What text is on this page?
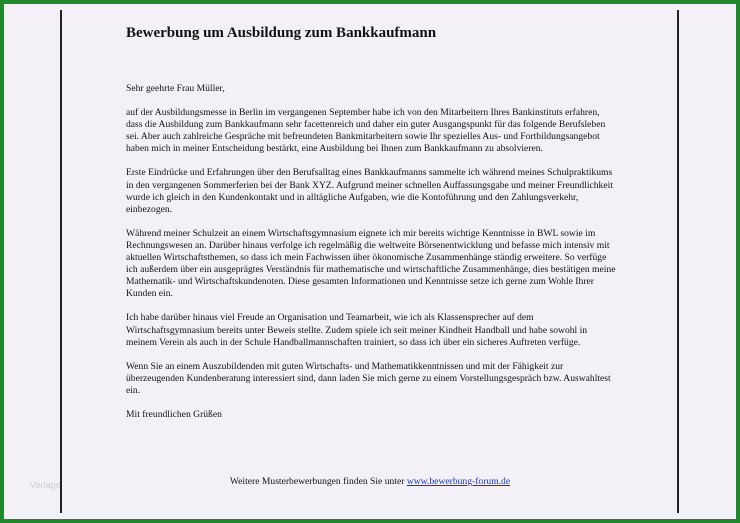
Bewerbung um Ausbildung zum Bankkaufmann

Sehr geehrte Frau Müller,

auf der Ausbildungsmesse in Berlin im vergangenen September habe ich von den Mitarbeitern Ihres Bankinstituts erfahren, dass die Ausbildung zum Bankkaufmann sehr facettenreich und daher ein guter Ausgangspunkt für das folgende Berufsleben sei. Aber auch zahlreiche Gespräche mit befreundeten Bankmitarbeitern sowie Ihr spezielles Aus- und Fortbildungsangebot haben mich in meiner Entscheidung bestärkt, eine Ausbildung bei Ihnen zum Bankkaufmann zu absolvieren.

Erste Eindrücke und Erfahrungen über den Berufsalltag eines Bankkaufmanns sammelte ich während meines Schulpraktikums in den vergangenen Sommerferien bei der Bank XYZ. Aufgrund meiner schnellen Auffassungsgabe und meiner Freundlichkeit wurde ich gleich in den Kundenkontakt und in alltägliche Aufgaben, wie die Kontoführung und den Zahlungsverkehr, einbezogen.

Während meiner Schulzeit an einem Wirtschaftsgymnasium eignete ich mir bereits wichtige Kenntnisse in BWL sowie im Rechnungswesen an. Darüber hinaus verfolge ich regelmäßig die weltweite Börsenentwicklung und befasse mich intensiv mit aktuellen Wirtschaftsthemen, so dass ich mein Fachwissen über ökonomische Zusammenhänge ständig erweitere. So verfüge ich außerdem über ein ausgeprägtes Verständnis für mathematische und wirtschaftliche Zusammenhänge, dies bestätigen meine Mathematik- und Wirtschaftskundenoten. Diese gesamten Informationen und Kenntnisse setze ich gerne zum Wohle Ihrer Kunden ein.

Ich habe darüber hinaus viel Freude an Organisation und Teamarbeit, wie ich als Klassensprecher auf dem Wirtschaftsgymnasium bereits unter Beweis stellte. Zudem spiele ich seit meiner Kindheit Handball und habe sowohl in meinem Verein als auch in der Schule Handballmannschaften trainiert, so dass ich über ein sicheres Auftreten verfüge.

Wenn Sie an einem Auszubildenden mit guten Wirtschafts- und Mathematikkenntnissen und mit der Fähigkeit zur überzeugenden Kundenberatung interessiert sind, dann laden Sie mich gerne zu einem Vorstellungsgespräch bzw. Auswahltest ein.

Mit freundlichen Grüßen

Vorlage	Weitere Musterbewerbungen finden Sie unter www.bewerbung-forum.de
